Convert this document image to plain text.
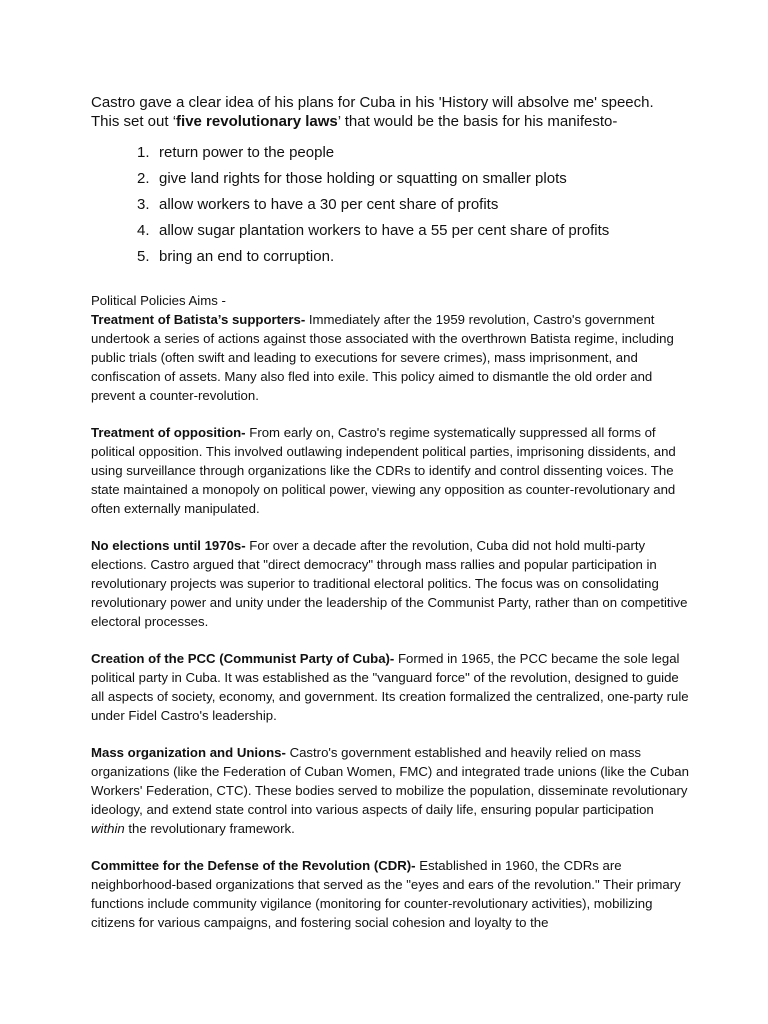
Castro gave a clear idea of his plans for Cuba in his 'History will absolve me' speech.
This set out ‘five revolutionary laws’ that would be the basis for his manifesto-

1. return power to the people
2. give land rights for those holding or squatting on smaller plots
3. allow workers to have a 30 per cent share of profits
4. allow sugar plantation workers to have a 55 per cent share of profits
5. bring an end to corruption.
Political Policies Aims -

Treatment of Batista’s supporters- Immediately after the 1959 revolution, Castro's government undertook a series of actions against those associated with the overthrown Batista regime, including public trials (often swift and leading to executions for severe crimes), mass imprisonment, and confiscation of assets. Many also fled into exile. This policy aimed to dismantle the old order and prevent a counter-revolution.

Treatment of opposition- From early on, Castro's regime systematically suppressed all forms of political opposition. This involved outlawing independent political parties, imprisoning dissidents, and using surveillance through organizations like the CDRs to identify and control dissenting voices. The state maintained a monopoly on political power, viewing any opposition as counter-revolutionary and often externally manipulated.

No elections until 1970s- For over a decade after the revolution, Cuba did not hold multi-party elections. Castro argued that "direct democracy" through mass rallies and popular participation in revolutionary projects was superior to traditional electoral politics. The focus was on consolidating revolutionary power and unity under the leadership of the Communist Party, rather than on competitive electoral processes.

Creation of the PCC (Communist Party of Cuba)- Formed in 1965, the PCC became the sole legal political party in Cuba. It was established as the "vanguard force" of the revolution, designed to guide all aspects of society, economy, and government. Its creation formalized the centralized, one-party rule under Fidel Castro's leadership.

Mass organization and Unions- Castro's government established and heavily relied on mass organizations (like the Federation of Cuban Women, FMC) and integrated trade unions (like the Cuban Workers' Federation, CTC). These bodies served to mobilize the population, disseminate revolutionary ideology, and extend state control into various aspects of daily life, ensuring popular participation within the revolutionary framework.

Committee for the Defense of the Revolution (CDR)- Established in 1960, the CDRs are neighborhood-based organizations that served as the "eyes and ears of the revolution." Their primary functions include community vigilance (monitoring for counter-revolutionary activities), mobilizing citizens for various campaigns, and fostering social cohesion and loyalty to the
